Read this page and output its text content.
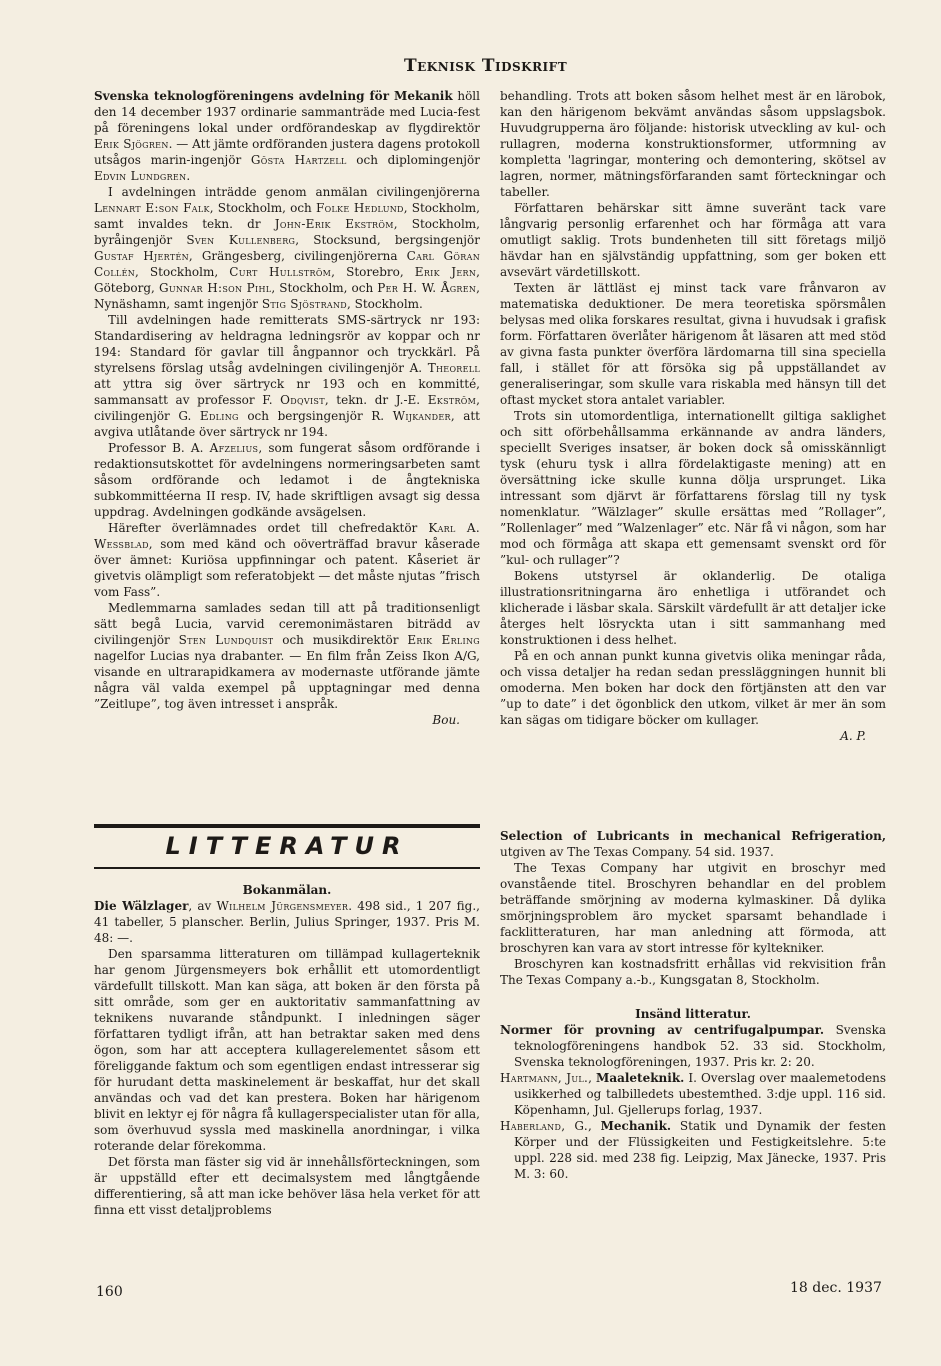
Teknisk Tidskrift

Svenska teknologföreningens avdelning för Mekanik höll den 14 december 1937 ordinarie sammanträde med Lucia-fest på föreningens lokal under ordförandeskap av flygdirektör Erik Sjögren. — Att jämte ordföranden justera dagens protokoll utsågos marin-ingenjör Gösta Hartzell och diplomingenjör Edvin Lundgren.

I avdelningen inträdde genom anmälan civilingenjörerna Lennart E:son Falk, Stockholm, och Folke Hedlund, Stockholm, samt invaldes tekn. dr John-Erik Ekström, Stockholm, byråingenjör Sven Kullenberg, Stocksund, bergsingenjör Gustaf Hjertén, Grängesberg, civilingenjörerna Carl Göran Collén, Stockholm, Curt Hullström, Storebro, Erik Jern, Göteborg, Gunnar H:son Pihl, Stockholm, och Per H. W. Ågren, Nynäshamn, samt ingenjör Stig Sjöstrand, Stockholm.

Till avdelningen hade remitterats SMS-särtryck nr 193: Standardisering av heldragna ledningsrör av koppar och nr 194: Standard för gavlar till ångpannor och tryckkärl. På styrelsens förslag utsåg avdelningen civilingenjör A. Theorell att yttra sig över särtryck nr 193 och en kommitté, sammansatt av professor F. Odqvist, tekn. dr J.-E. Ekström, civilingenjör G. Edling och bergsingenjör R. Wijkander, att avgiva utlåtande över särtryck nr 194.

Professor B. A. Afzelius, som fungerat såsom ordförande i redaktionsutskottet för avdelningens normeringsarbeten samt såsom ordförande och ledamot i de ångtekniska subkommittéerna II resp. IV, hade skriftligen avsagt sig dessa uppdrag. Avdelningen godkände avsägelsen.

Härefter överlämnades ordet till chefredaktör Karl A. Wessblad, som med känd och oöverträffad bravur kåserade över ämnet: Kuriösa uppfinningar och patent. Kåseriet är givetvis olämpligt som referatobjekt — det måste njutas ”frisch vom Fass”.

Medlemmarna samlades sedan till att på traditionsenligt sätt begå Lucia, varvid ceremonimästaren biträdd av civilingenjör Sten Lundquist och musikdirektör Erik Erling nagelfor Lucias nya drabanter. — En film från Zeiss Ikon A/G, visande en ultrarapidkamera av modernaste utförande jämte några väl valda exempel på upptagningar med denna ”Zeitlupe”, tog även intresset i anspråk.

Bou.

behandling. Trots att boken såsom helhet mest är en lärobok, kan den härigenom bekvämt användas såsom uppslagsbok. Huvudgrupperna äro följande: historisk utveckling av kul- och rullagren, moderna konstruktionsformer, utformning av kompletta 'lagringar, montering och demontering, skötsel av lagren, normer, mätningsförfaranden samt förteckningar och tabeller.

Författaren behärskar sitt ämne suveränt tack vare långvarig personlig erfarenhet och har förmåga att vara omutligt saklig. Trots bundenheten till sitt företags miljö hävdar han en självständig uppfattning, som ger boken ett avsevärt värdetillskott.

Texten är lättläst ej minst tack vare frånvaron av matematiska deduktioner. De mera teoretiska spörsmålen belysas med olika forskares resultat, givna i huvudsak i grafisk form. Författaren överlåter härigenom åt läsaren att med stöd av givna fasta punkter överföra lärdomarna till sina speciella fall, i stället för att försöka sig på uppställandet av generaliseringar, som skulle vara riskabla med hänsyn till det oftast mycket stora antalet variabler.

Trots sin utomordentliga, internationellt giltiga saklighet och sitt oförbehållsamma erkännande av andra länders, speciellt Sveriges insatser, är boken dock så omisskännligt tysk (ehuru tysk i allra fördelaktigaste mening) att en översättning icke skulle kunna dölja ursprunget. Lika intressant som djärvt är författarens förslag till ny tysk nomenklatur. ”Wälzlager” skulle ersättas med ”Rollager”, ”Rollenlager” med ”Walzenlager” etc. När få vi någon, som har mod och förmåga att skapa ett gemensamt svenskt ord för ”kul- och rullager”?

Bokens utstyrsel är oklanderlig. De otaliga illustrationsritningarna äro enhetliga i utförandet och klicherade i läsbar skala. Särskilt värdefullt är att detaljer icke återges helt lösryckta utan i sitt sammanhang med konstruktionen i dess helhet.

På en och annan punkt kunna givetvis olika meningar råda, och vissa detaljer ha redan sedan pressläggningen hunnit bli omoderna. Men boken har dock den förtjänsten att den var ”up to date” i det ögonblick den utkom, vilket är mer än som kan sägas om tidigare böcker om kullager.

A. P.

LITTERATUR

Bokanmälan.

Die Wälzlager, av Wilhelm Jürgensmeyer. 498 sid., 1 207 fig., 41 tabeller, 5 planscher. Berlin, Julius Springer, 1937. Pris M. 48: —.

Den sparsamma litteraturen om tillämpad kullagerteknik har genom Jürgensmeyers bok erhållit ett utomordentligt värdefullt tillskott. Man kan säga, att boken är den första på sitt område, som ger en auktoritativ sammanfattning av teknikens nuvarande ståndpunkt. I inledningen säger författaren tydligt ifrån, att han betraktar saken med dens ögon, som har att acceptera kullagerelementet såsom ett föreliggande faktum och som egentligen endast intresserar sig för hurudant detta maskinelement är beskaffat, hur det skall användas och vad det kan prestera. Boken har härigenom blivit en lektyr ej för några få kullagerspecialister utan för alla, som överhuvud syssla med maskinella anordningar, i vilka roterande delar förekomma.

Det första man fäster sig vid är innehållsförteckningen, som är uppställd efter ett decimalsystem med långtgående differentiering, så att man icke behöver läsa hela verket för att finna ett visst detaljproblems

Selection of Lubricants in mechanical Refrigeration, utgiven av The Texas Company. 54 sid. 1937.

The Texas Company har utgivit en broschyr med ovanstående titel. Broschyren behandlar en del problem beträffande smörjning av moderna kylmaskiner. Då dylika smörjningsproblem äro mycket sparsamt behandlade i facklitteraturen, har man anledning att förmoda, att broschyren kan vara av stort intresse för kyltekniker.

Broschyren kan kostnadsfritt erhållas vid rekvisition från The Texas Company a.-b., Kungsgatan 8, Stockholm.

Insänd litteratur.

Normer för provning av centrifugalpumpar. Svenska teknologföreningens handbok 52. 33 sid. Stockholm, Svenska teknologföreningen, 1937. Pris kr. 2: 20.

Hartmann, Jul., Maaleteknik. I. Overslag over maalemetodens usikkerhed og talbilledets ubestemthed. 3:dje uppl. 116 sid. Köpenhamn, Jul. Gjellerups forlag, 1937.

Haberland, G., Mechanik. Statik und Dynamik der festen Körper und der Flüssigkeiten und Festigkeitslehre. 5:te uppl. 228 sid. med 238 fig. Leipzig, Max Jänecke, 1937. Pris M. 3: 60.

160	18 dec. 1937
